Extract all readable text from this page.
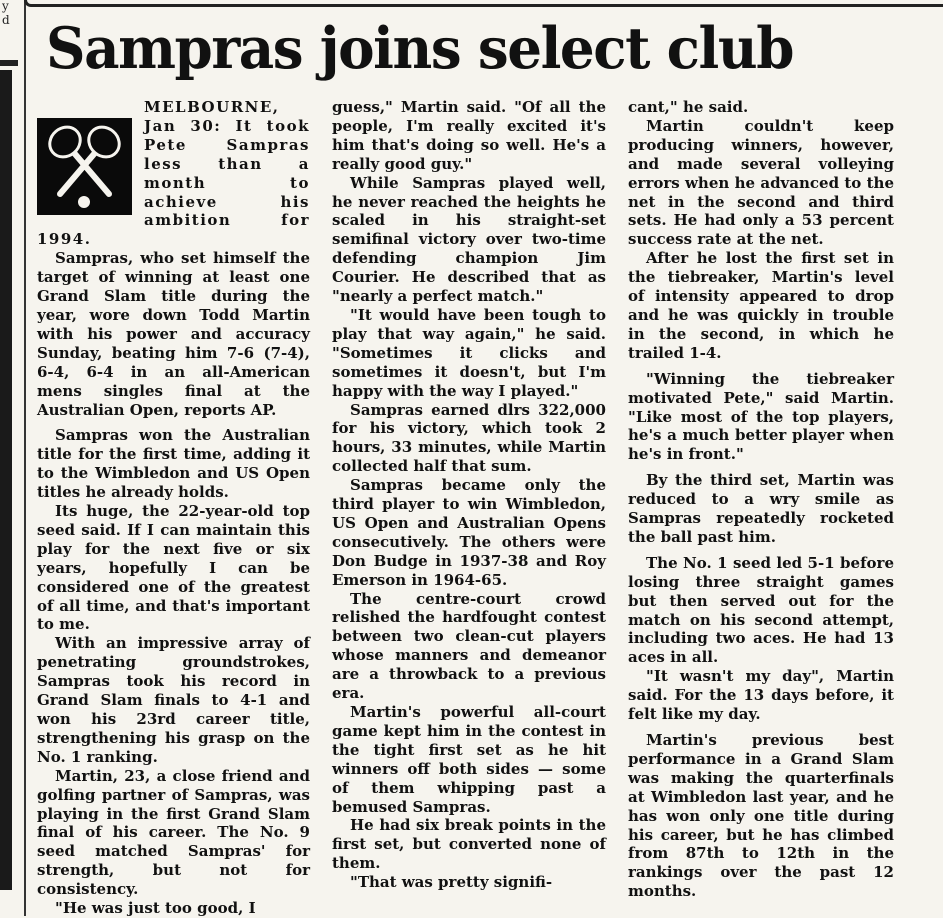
y
d Sampras joins select club

MELBOURNE, Jan 30: It took Pete Sampras less than a month to achieve his ambition for 1994.

Sampras, who set himself the target of winning at least one Grand Slam title during the year, wore down Todd Martin with his power and accuracy Sunday, beating him 7-6 (7-4), 6-4, 6-4 in an all-American mens singles final at the Australian Open, reports AP.

Sampras won the Australian title for the first time, adding it to the Wimbledon and US Open titles he already holds.

Its huge, the 22-year-old top seed said. If I can maintain this play for the next five or six years, hopefully I can be considered one of the greatest of all time, and that's important to me.

With an impressive array of penetrating groundstrokes, Sampras took his record in Grand Slam finals to 4-1 and won his 23rd career title, strengthening his grasp on the No. 1 ranking.

Martin, 23, a close friend and golfing partner of Sampras, was playing in the first Grand Slam final of his career. The No. 9 seed matched Sampras' for strength, but not for consistency.

"He was just too good, I

guess," Martin said. "Of all the people, I'm really excited it's him that's doing so well. He's a really good guy."

While Sampras played well, he never reached the heights he scaled in his straight-set semifinal victory over two-time defending champion Jim Courier. He described that as "nearly a perfect match."

"It would have been tough to play that way again," he said. "Sometimes it clicks and sometimes it doesn't, but I'm happy with the way I played."

Sampras earned dlrs 322,000 for his victory, which took 2 hours, 33 minutes, while Martin collected half that sum.

Sampras became only the third player to win Wimbledon, US Open and Australian Opens consecutively. The others were Don Budge in 1937-38 and Roy Emerson in 1964-65.

The centre-court crowd relished the hardfought contest between two clean-cut players whose manners and demeanor are a throwback to a previous era.

Martin's powerful all-court game kept him in the contest in the tight first set as he hit winners off both sides — some of them whipping past a bemused Sampras.

He had six break points in the first set, but converted none of them.

"That was pretty signifi-

cant," he said.

Martin couldn't keep producing winners, however, and made several volleying errors when he advanced to the net in the second and third sets. He had only a 53 percent success rate at the net.

After he lost the first set in the tiebreaker, Martin's level of intensity appeared to drop and he was quickly in trouble in the second, in which he trailed 1-4.

"Winning the tiebreaker motivated Pete," said Martin. "Like most of the top players, he's a much better player when he's in front."

By the third set, Martin was reduced to a wry smile as Sampras repeatedly rocketed the ball past him.

The No. 1 seed led 5-1 before losing three straight games but then served out for the match on his second attempt, including two aces. He had 13 aces in all.

"It wasn't my day", Martin said. For the 13 days before, it felt like my day.

Martin's previous best performance in a Grand Slam was making the quarterfinals at Wimbledon last year, and he has won only one title during his career, but he has climbed from 87th to 12th in the rankings over the past 12 months.
